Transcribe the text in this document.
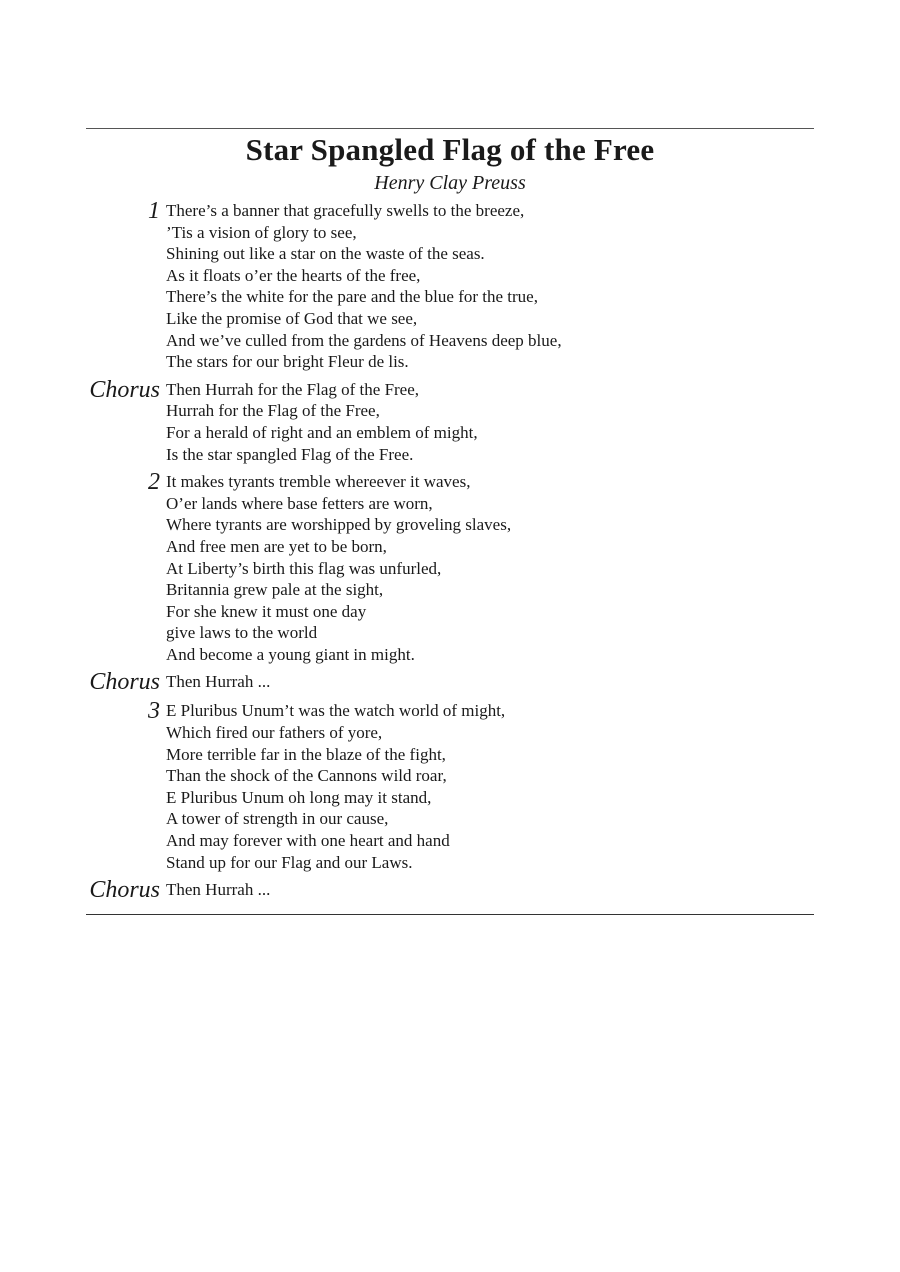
Star Spangled Flag of the Free
Henry Clay Preuss
1 There’s a banner that gracefully swells to the breeze,
’Tis a vision of glory to see,
Shining out like a star on the waste of the seas.
As it floats o’er the hearts of the free,
There’s the white for the pare and the blue for the true,
Like the promise of God that we see,
And we’ve culled from the gardens of Heavens deep blue,
The stars for our bright Fleur de lis.
Chorus Then Hurrah for the Flag of the Free,
Hurrah for the Flag of the Free,
For a herald of right and an emblem of might,
Is the star spangled Flag of the Free.
2 It makes tyrants tremble whereever it waves,
O’er lands where base fetters are worn,
Where tyrants are worshipped by groveling slaves,
And free men are yet to be born,
At Liberty’s birth this flag was unfurled,
Britannia grew pale at the sight,
For she knew it must one day
give laws to the world
And become a young giant in might.
Chorus Then Hurrah ...
3 E Pluribus Unum’t was the watch world of might,
Which fired our fathers of yore,
More terrible far in the blaze of the fight,
Than the shock of the Cannons wild roar,
E Pluribus Unum oh long may it stand,
A tower of strength in our cause,
And may forever with one heart and hand
Stand up for our Flag and our Laws.
Chorus Then Hurrah ...
